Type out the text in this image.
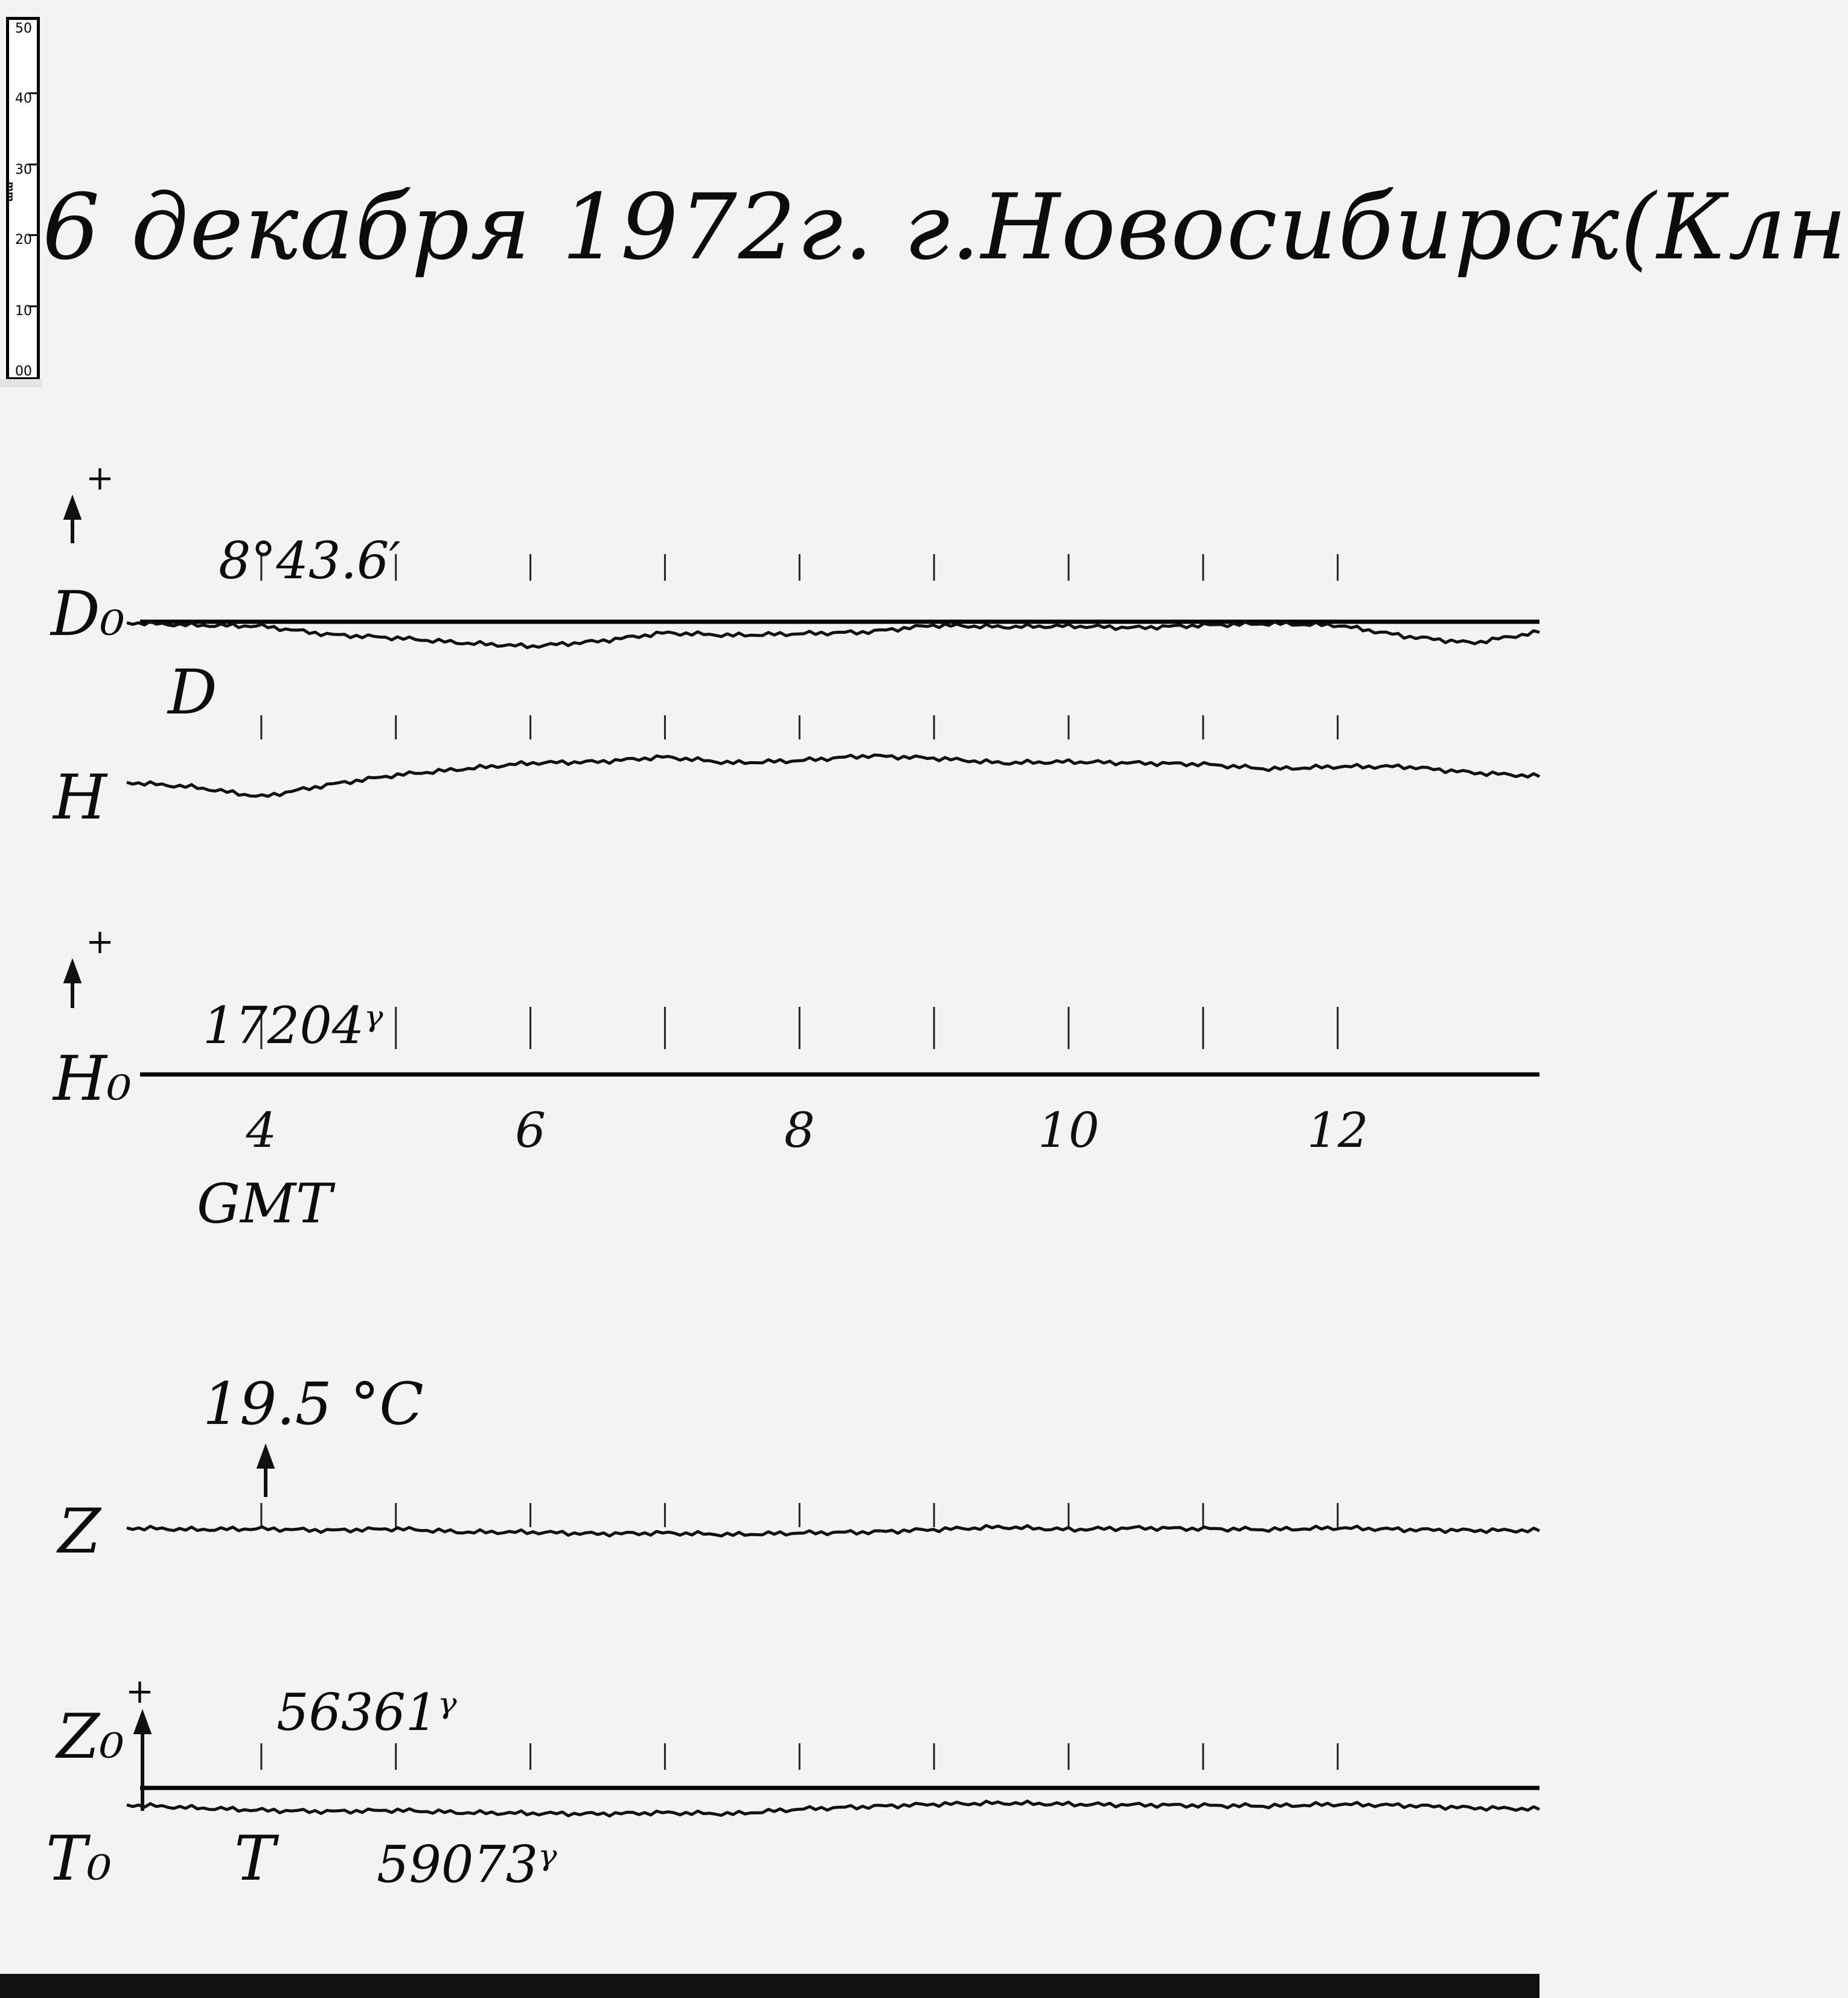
50
40
30
mm
20
10
00
6 декабря 1972г. г.Новосибирск(Клн
4	6	8	10	12
D₀
D
H
H₀
Z
Z₀
T₀ T
+
+
+
8°43.6′
17204ᵞ
19.5 °C
56361ᵞ
59073ᵞ
GMT
